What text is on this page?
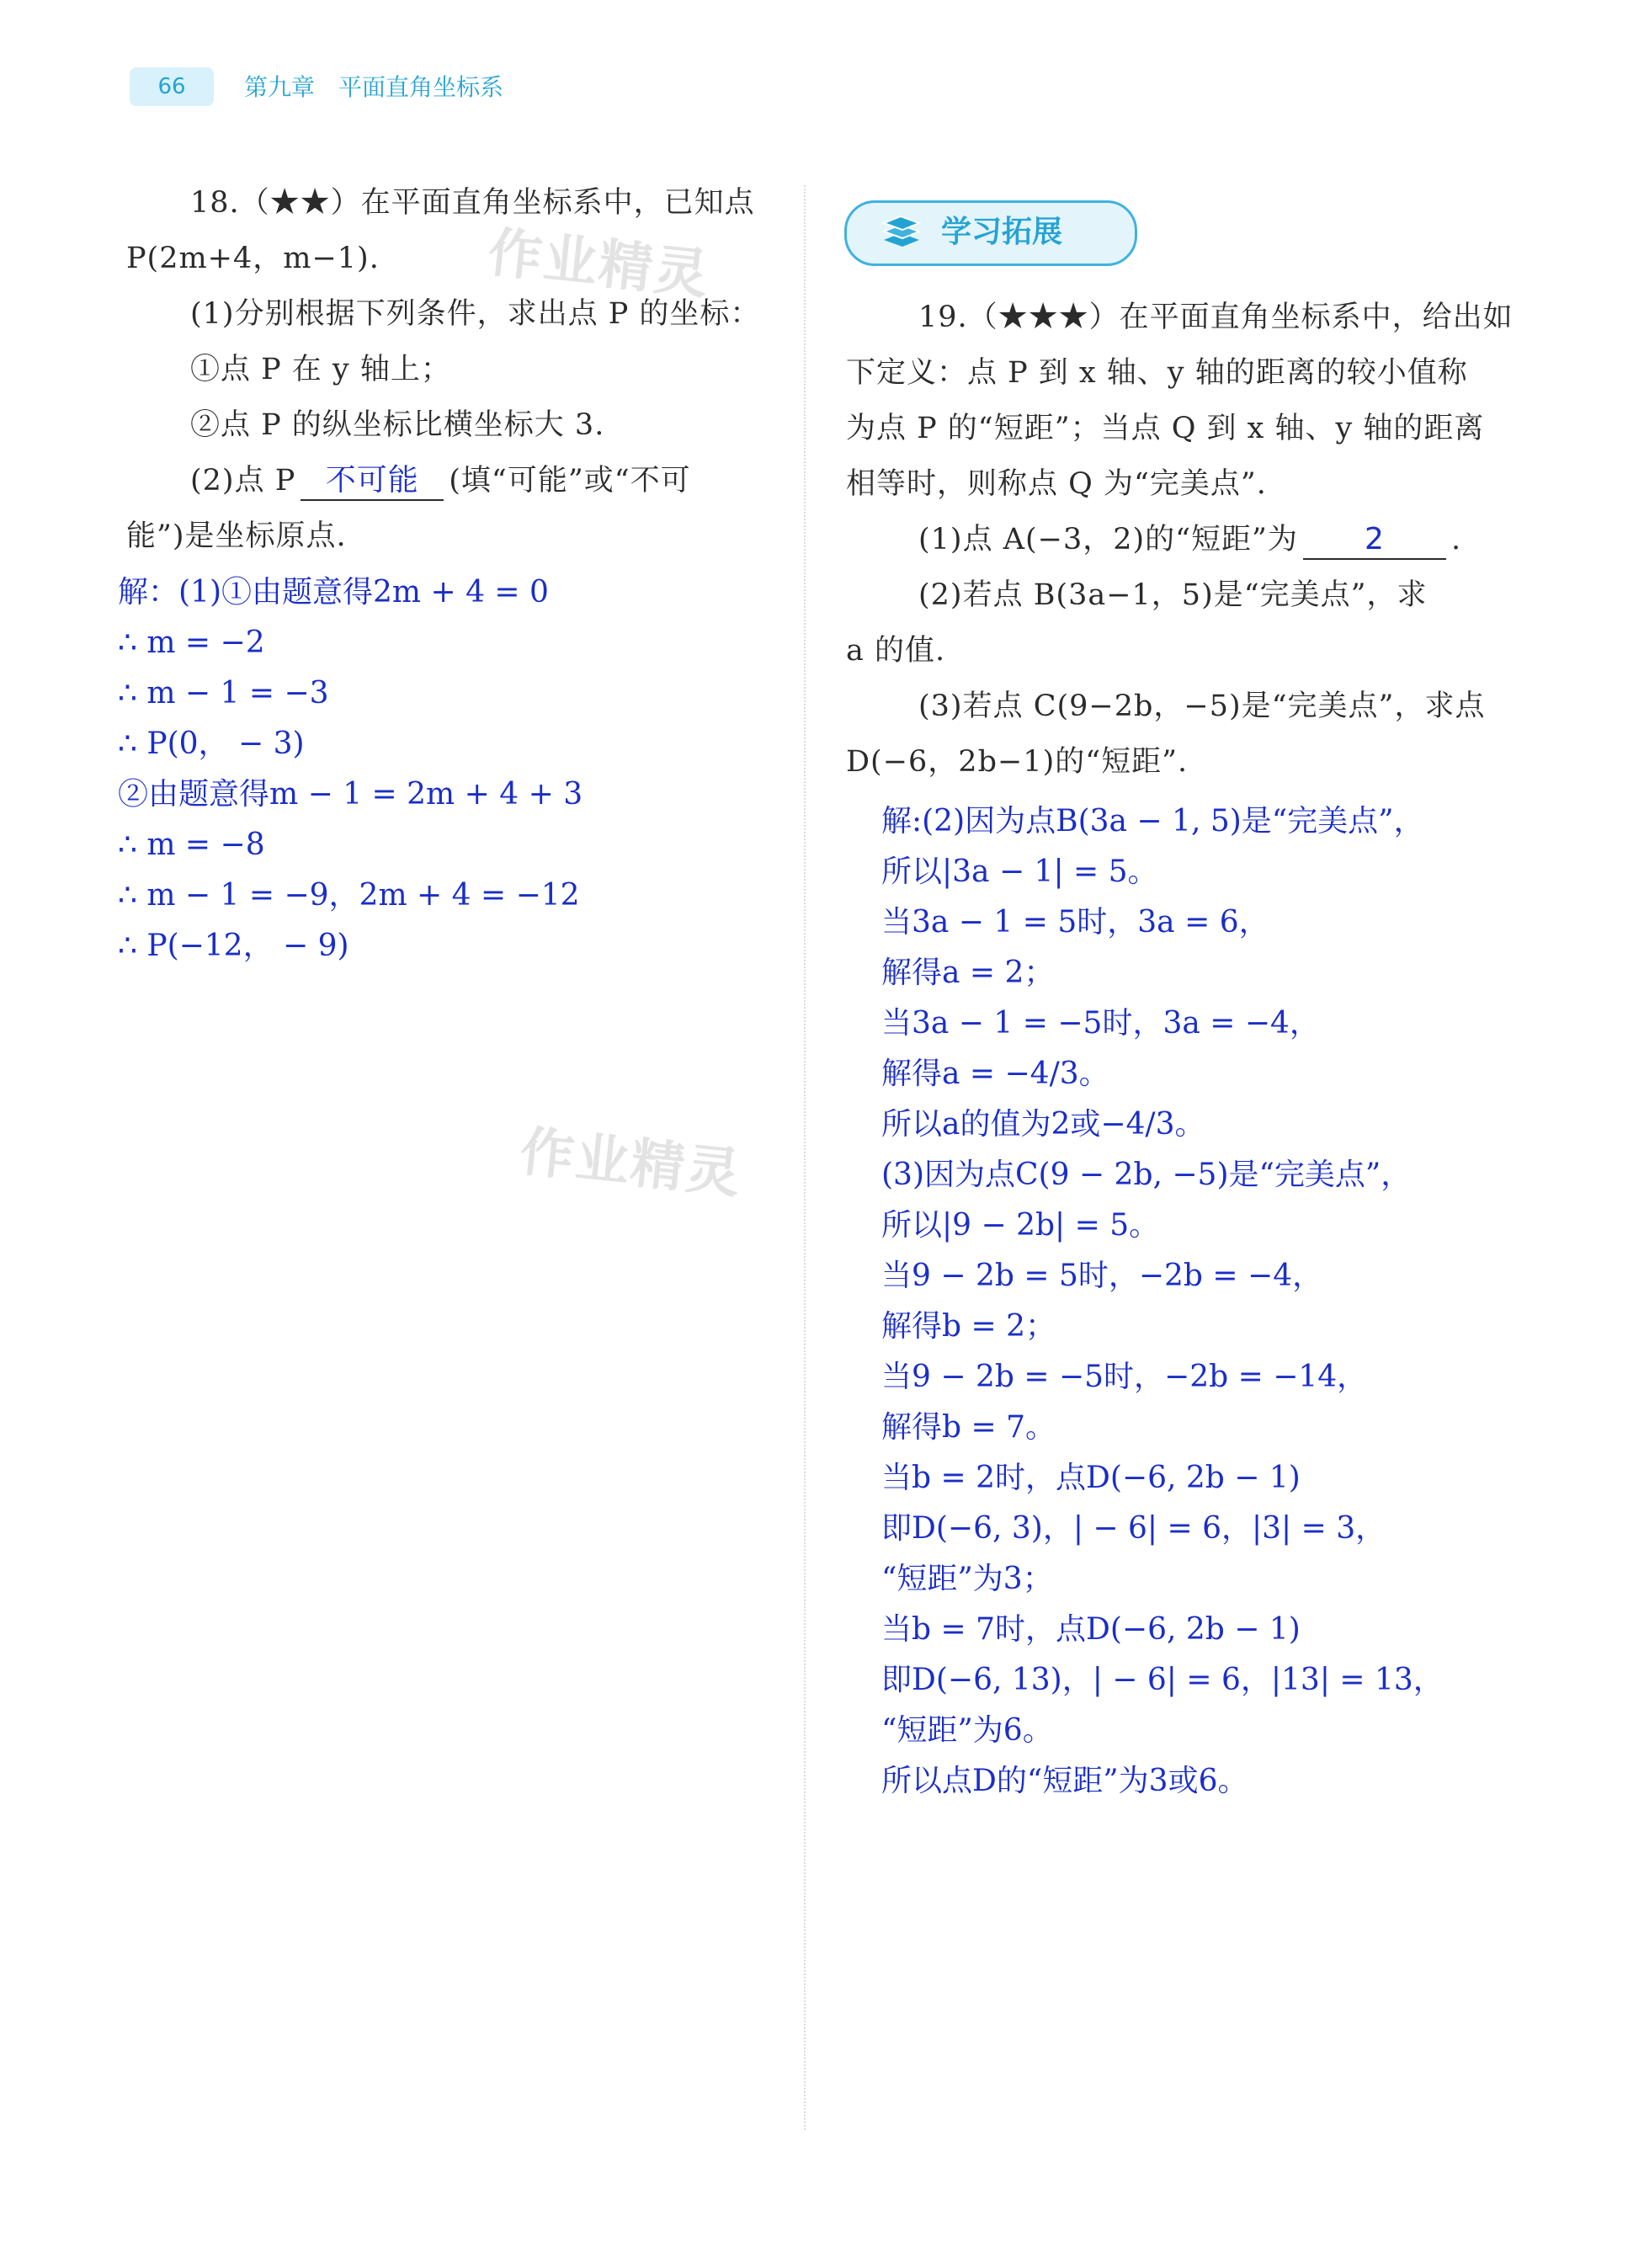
66	第九章　平面直角坐标系
作业精灵
作业精灵

18.（★★）在平面直角坐标系中，已知点

P(2m+4，m−1).

(1)分别根据下列条件，求出点 P 的坐标：

①点 P 在 y 轴上；

②点 P 的纵坐标比横坐标大 3.

(2)点 P 不可能 (填“可能”或“不可

能”)是坐标原点.

解：(1)①由题意得2m + 4 = 0

∴ m = −2

∴ m − 1 = −3

∴ P(0， − 3)

②由题意得m − 1 = 2m + 4 + 3

∴ m = −8

∴ m − 1 = −9，2m + 4 = −12

∴ P(−12， − 9)

学习拓展

19.（★★★）在平面直角坐标系中，给出如

下定义：点 P 到 x 轴、y 轴的距离的较小值称

为点 P 的“短距”；当点 Q 到 x 轴、y 轴的距离

相等时，则称点 Q 为“完美点”.

(1)点 A(−3，2)的“短距”为 2 .

(2)若点 B(3a−1，5)是“完美点”，求

a 的值.

(3)若点 C(9−2b，−5)是“完美点”，求点

D(−6，2b−1)的“短距”.

解:(2)因为点B(3a − 1, 5)是“完美点”，

所以|3a − 1| = 5。

当3a − 1 = 5时，3a = 6，

解得a = 2；

当3a − 1 = −5时，3a = −4，

解得a = −4/3。

所以a的值为2或−4/3。

(3)因为点C(9 − 2b, −5)是“完美点”，

所以|9 − 2b| = 5。

当9 − 2b = 5时，−2b = −4，

解得b = 2；

当9 − 2b = −5时，−2b = −14，

解得b = 7。

当b = 2时，点D(−6, 2b − 1)

即D(−6, 3)，| − 6| = 6，|3| = 3，

“短距”为3；

当b = 7时，点D(−6, 2b − 1)

即D(−6, 13)，| − 6| = 6，|13| = 13，

“短距”为6。

所以点D的“短距”为3或6。
